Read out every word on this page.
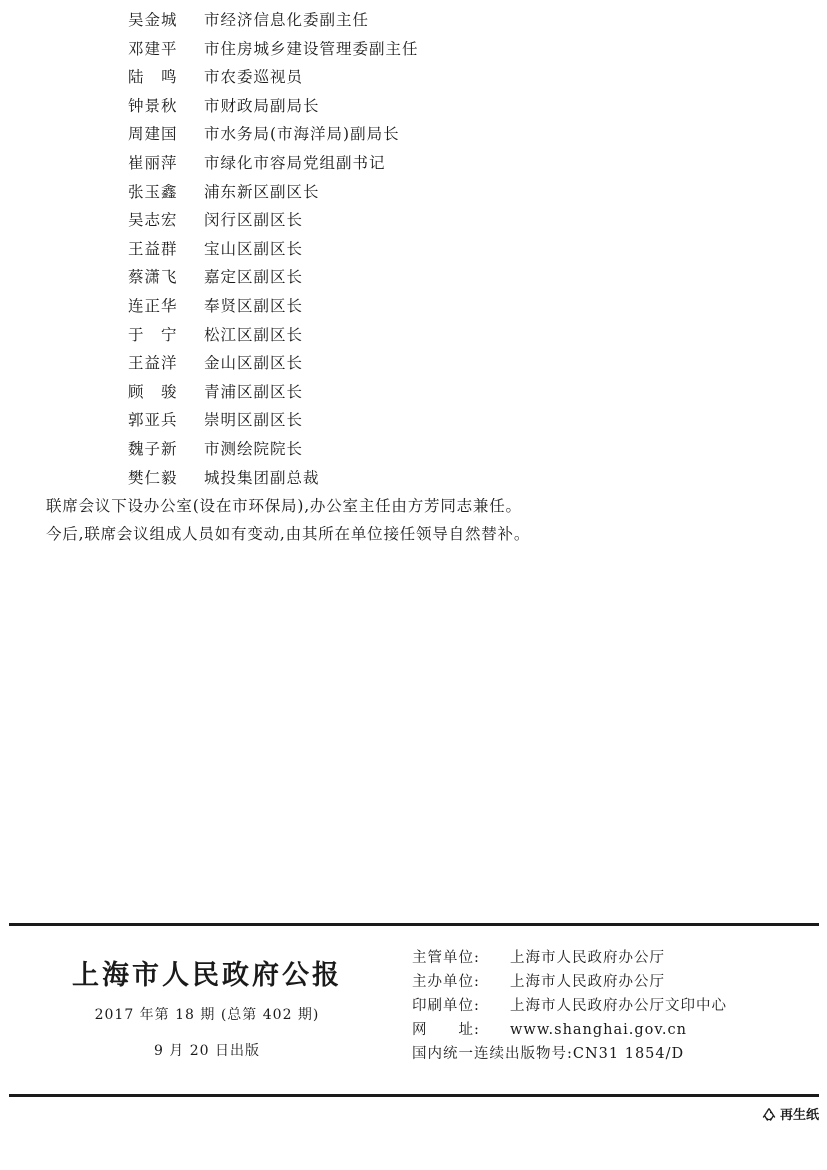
吴金城	市经济信息化委副主任
邓建平	市住房城乡建设管理委副主任
陆　鸣	市农委巡视员
钟景秋	市财政局副局长
周建国	市水务局(市海洋局)副局长
崔丽萍	市绿化市容局党组副书记
张玉鑫	浦东新区副区长
吴志宏	闵行区副区长
王益群	宝山区副区长
蔡潇飞	嘉定区副区长
连正华	奉贤区副区长
于　宁	松江区副区长
王益洋	金山区副区长
顾　骏	青浦区副区长
郭亚兵	崇明区副区长
魏子新	市测绘院院长
樊仁毅	城投集团副总裁
联席会议下设办公室(设在市环保局),办公室主任由方芳同志兼任。
今后,联席会议组成人员如有变动,由其所在单位接任领导自然替补。
上海市人民政府公报
2017 年第 18 期 (总第 402 期)
9 月 20 日出版
主管单位: 上海市人民政府办公厅
主办单位: 上海市人民政府办公厅
印刷单位: 上海市人民政府办公厅文印中心
网　　址: www.shanghai.gov.cn
国内统一连续出版物号:CN31 1854/D
再生纸
